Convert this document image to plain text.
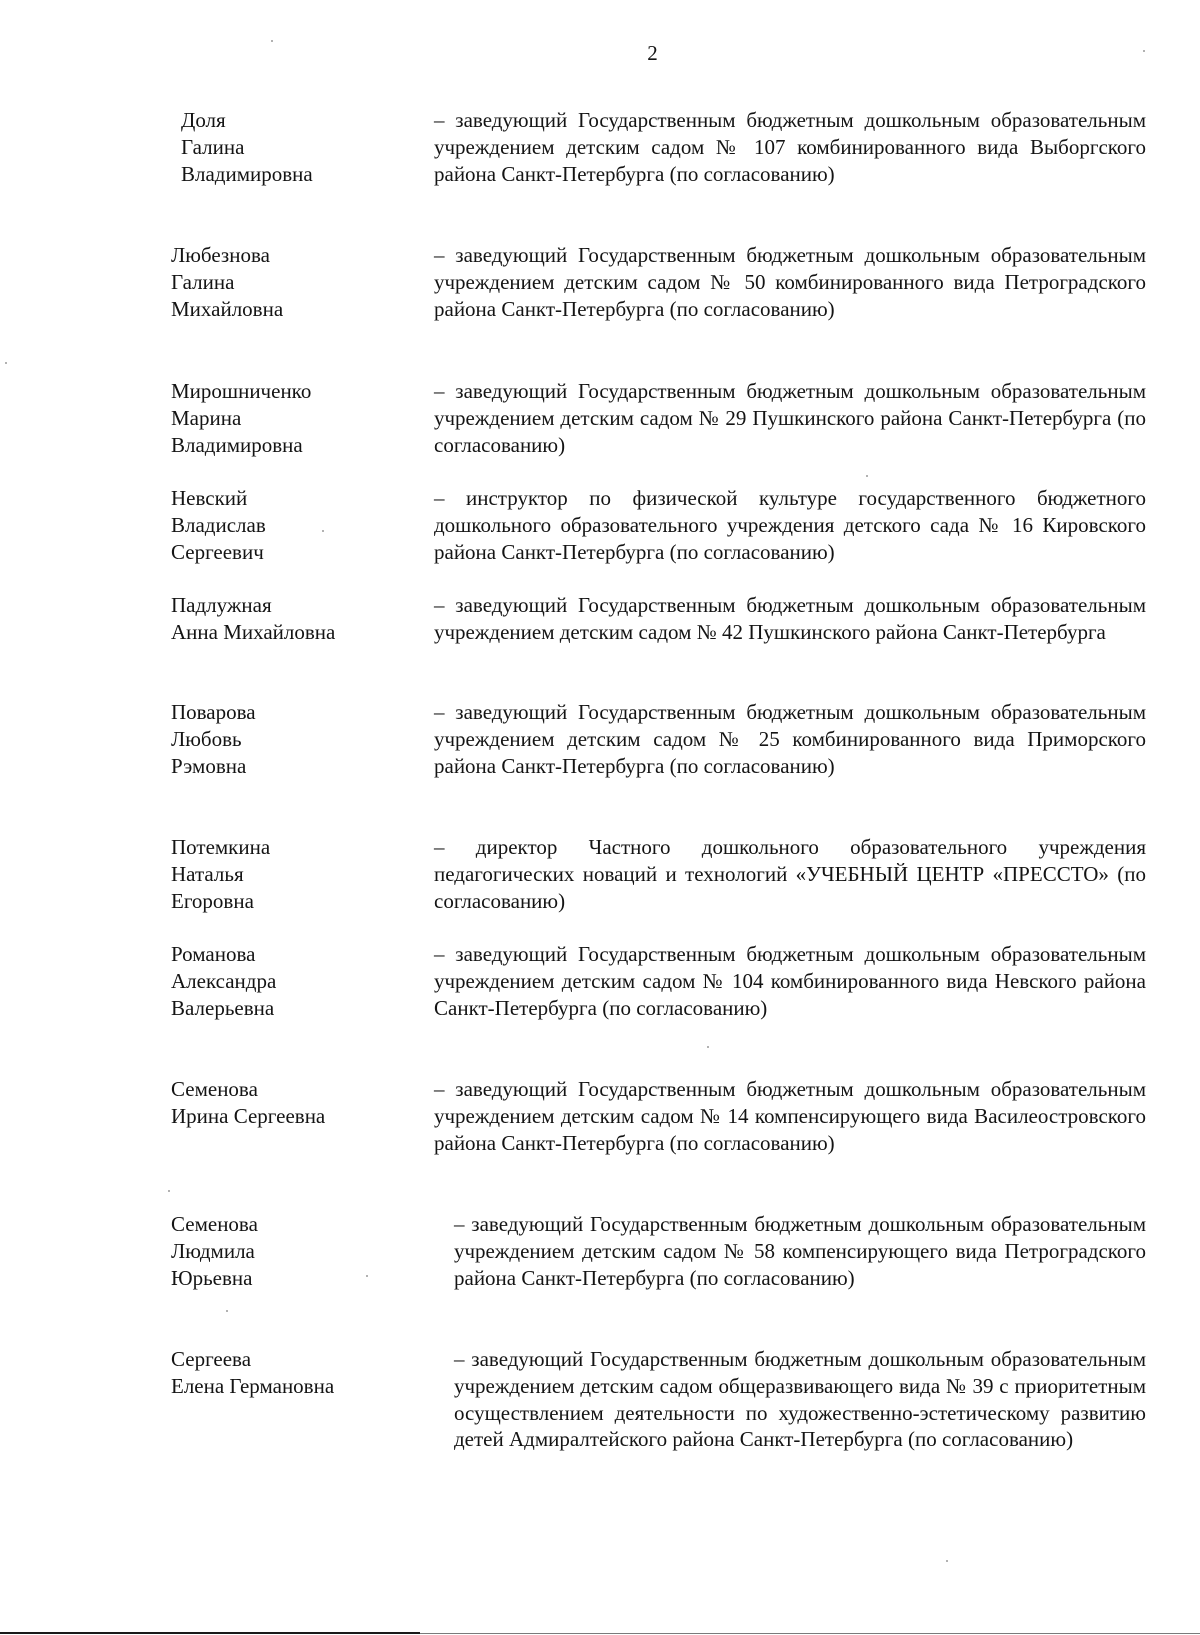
2
Доля
Галина
Владимировна
– заведующий Государственным бюджетным дошкольным образовательным учреждением детским садом № 107 комбинированного вида Выборгского района Санкт-Петербурга (по согласованию)
Любезнова
Галина
Михайловна
– заведующий Государственным бюджетным дошкольным образовательным учреждением детским садом № 50 комбинированного вида Петроградского района Санкт-Петербурга (по согласованию)
Мирошниченко
Марина
Владимировна
– заведующий Государственным бюджетным дошкольным образовательным учреждением детским садом № 29 Пушкинского района Санкт-Петербурга (по согласованию)
Невский
Владислав
Сергеевич
– инструктор по физической культуре государственного бюджетного дошкольного образовательного учреждения детского сада № 16 Кировского района Санкт-Петербурга (по согласованию)
Падлужная
Анна Михайловна
– заведующий Государственным бюджетным дошкольным образовательным учреждением детским садом № 42 Пушкинского района Санкт-Петербурга
Поварова
Любовь
Рэмовна
– заведующий Государственным бюджетным дошкольным образовательным учреждением детским садом № 25 комбинированного вида Приморского района Санкт-Петербурга (по согласованию)
Потемкина
Наталья
Егоровна
– директор Частного дошкольного образовательного учреждения педагогических новаций и технологий «УЧЕБНЫЙ ЦЕНТР «ПРЕССТО» (по согласованию)
Романова
Александра
Валерьевна
– заведующий Государственным бюджетным дошкольным образовательным учреждением детским садом № 104 комбинированного вида Невского района Санкт-Петербурга (по согласованию)
Семенова
Ирина Сергеевна
– заведующий Государственным бюджетным дошкольным образовательным учреждением детским садом № 14 компенсирующего вида Василеостровского района Санкт-Петербурга (по согласованию)
Семенова
Людмила
Юрьевна
– заведующий Государственным бюджетным дошкольным образовательным учреждением детским садом № 58 компенсирующего вида Петроградского района Санкт-Петербурга (по согласованию)
Сергеева
Елена Германовна
– заведующий Государственным бюджетным дошкольным образовательным учреждением детским садом общеразвивающего вида № 39 с приоритетным осуществлением деятельности по художественно-эстетическому развитию детей Адмиралтейского района Санкт-Петербурга (по согласованию)
